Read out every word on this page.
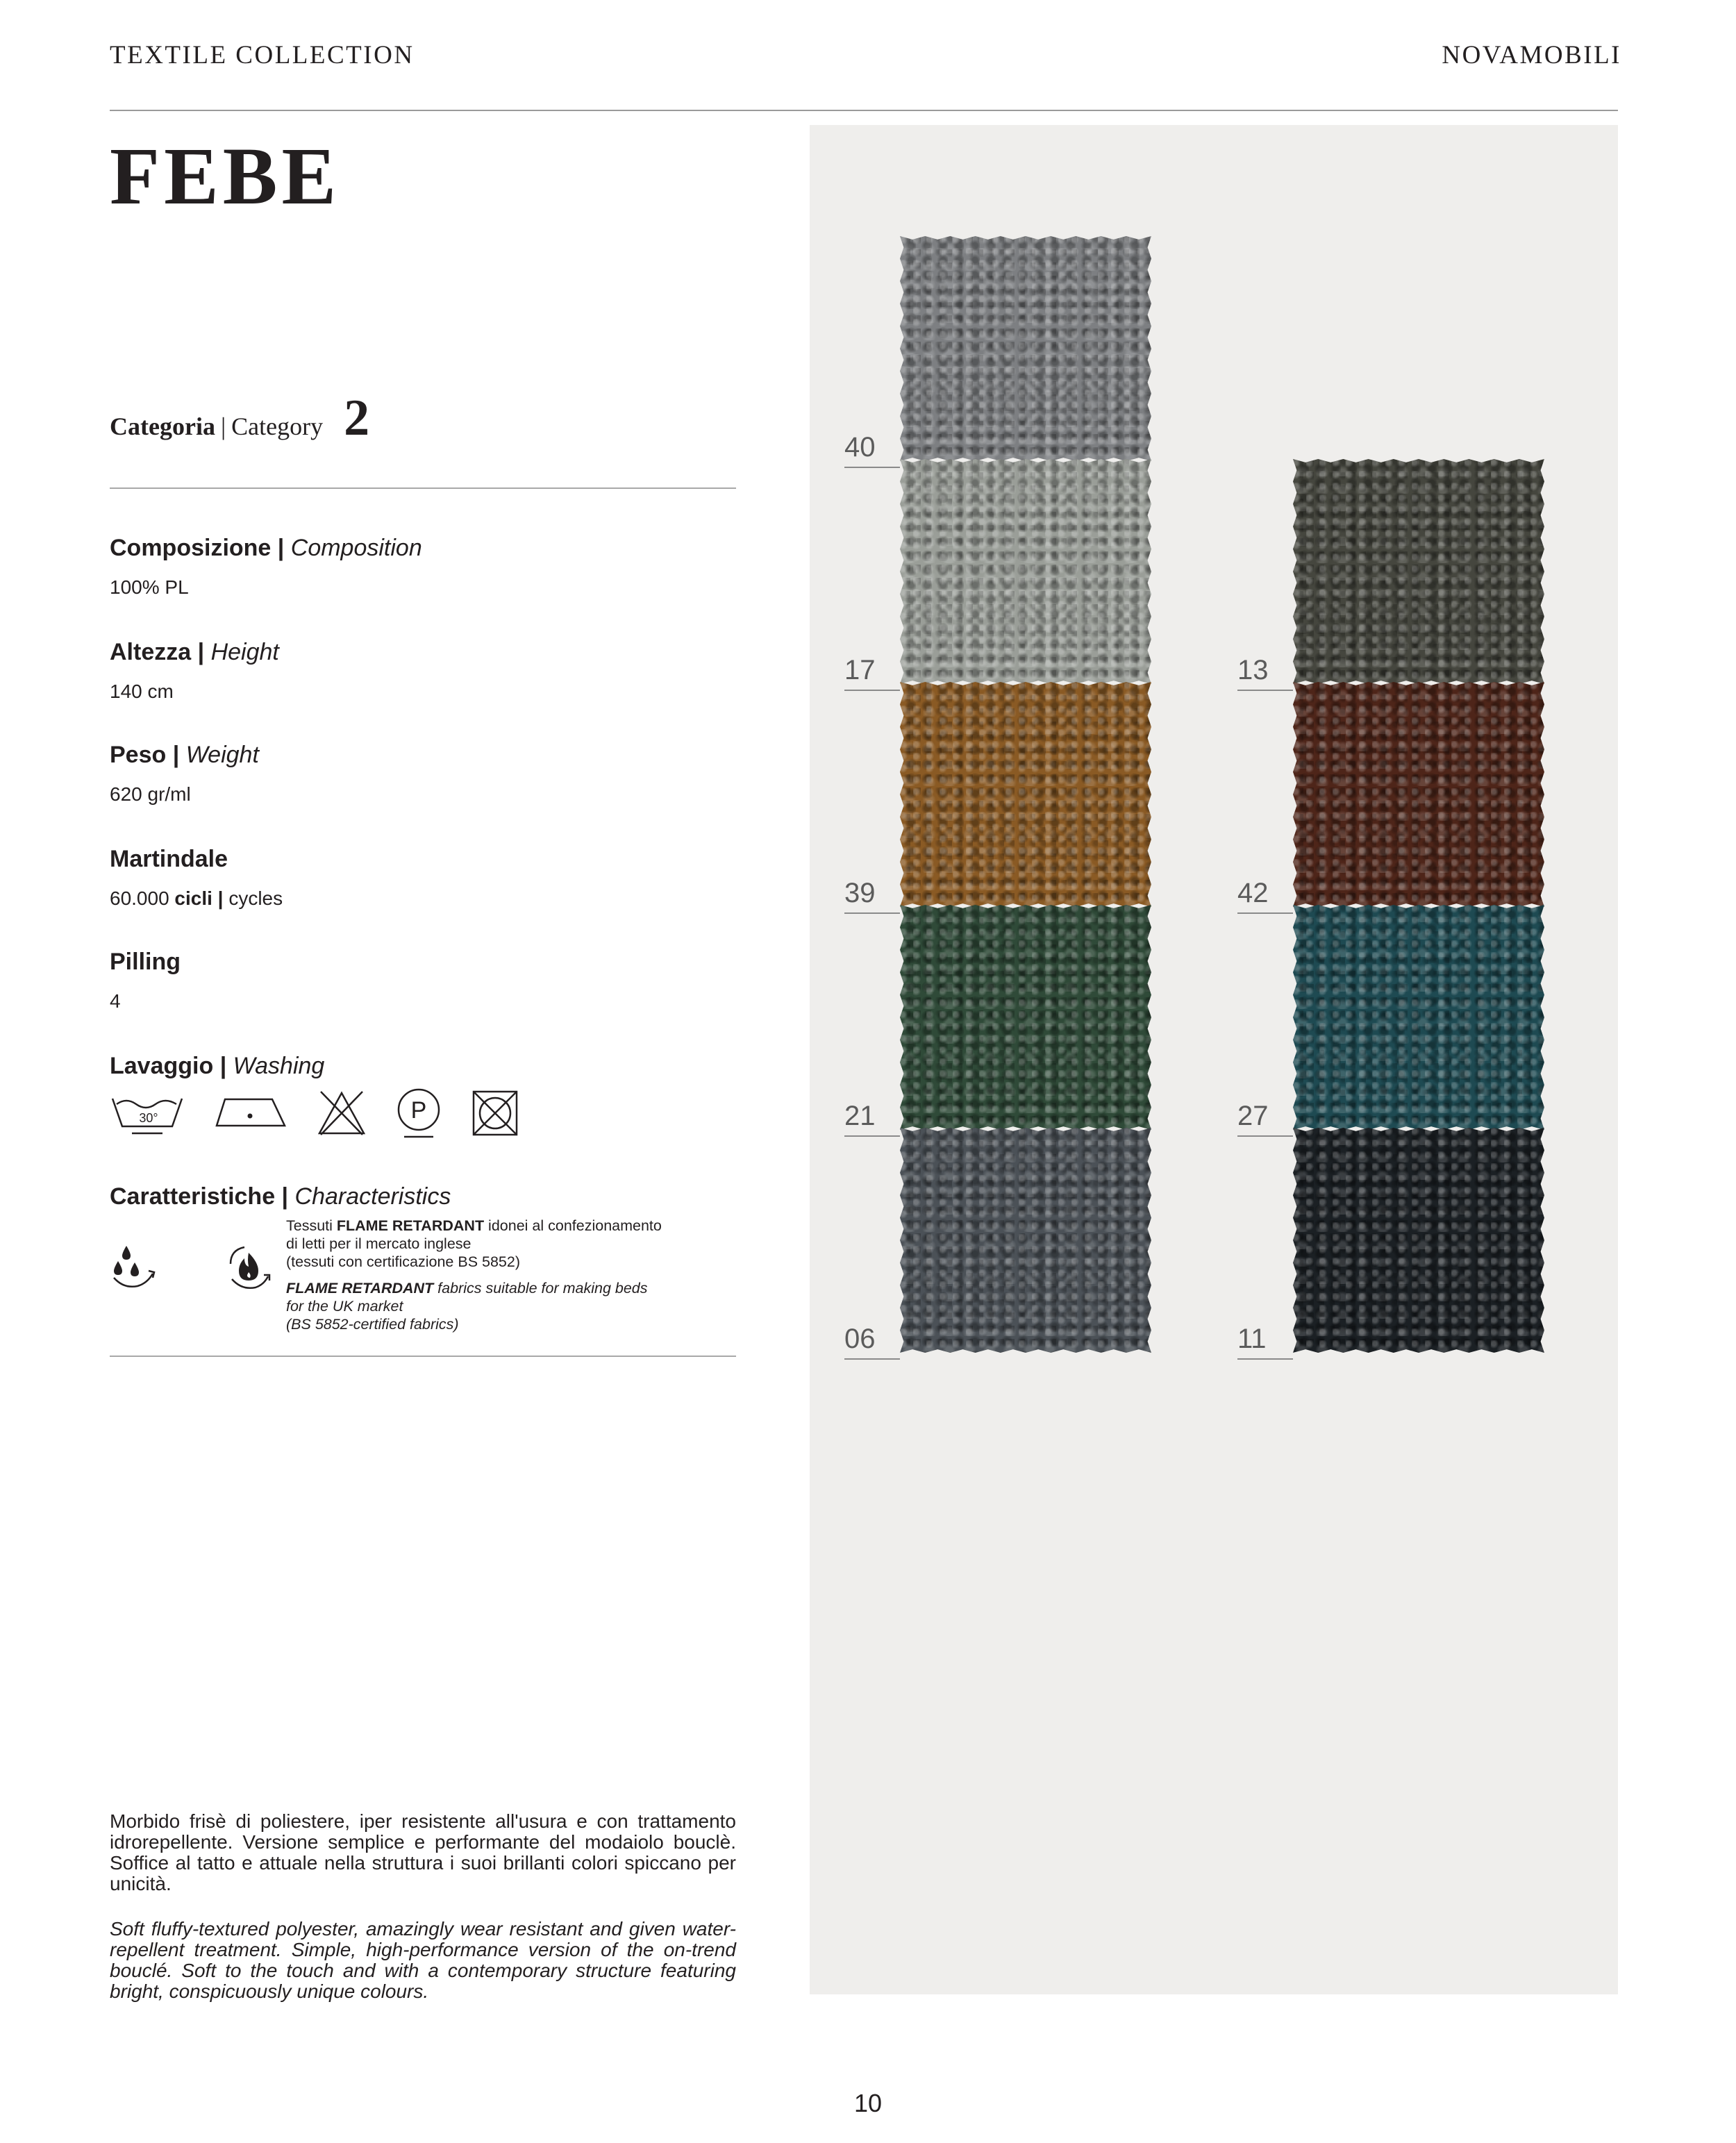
TEXTILE COLLECTION	NOVAMOBILI
FEBE
Categoria | Category 2
Composizione | Composition
100% PL
Altezza | Height
140 cm
Peso | Weight
620 gr/ml
Martindale
60.000 cicli | cycles
Pilling
4
Lavaggio | Washing
30°	P
Caratteristiche | Characteristics

Tessuti FLAME RETARDANT idonei al confezionamento
di letti per il mercato inglese
(tessuti con certificazione BS 5852)

FLAME RETARDANT fabrics suitable for making beds
for the UK market
(BS 5852-certified fabrics)

Morbido frisè di poliestere, iper resistente all'usura e con trattamento idrorepellente. Versione semplice e performante del modaiolo bouclè. Soffice al tatto e attuale nella struttura i suoi brillanti colori spiccano per unicità.
Soft fluffy-textured polyester, amazingly wear resistant and given water-repellent treatment. Simple, high-performance version of the on-trend bouclé. Soft to the touch and with a contemporary structure featuring bright, conspicuously unique colours.
40
17
39
21
06
13
42
27
11
10
